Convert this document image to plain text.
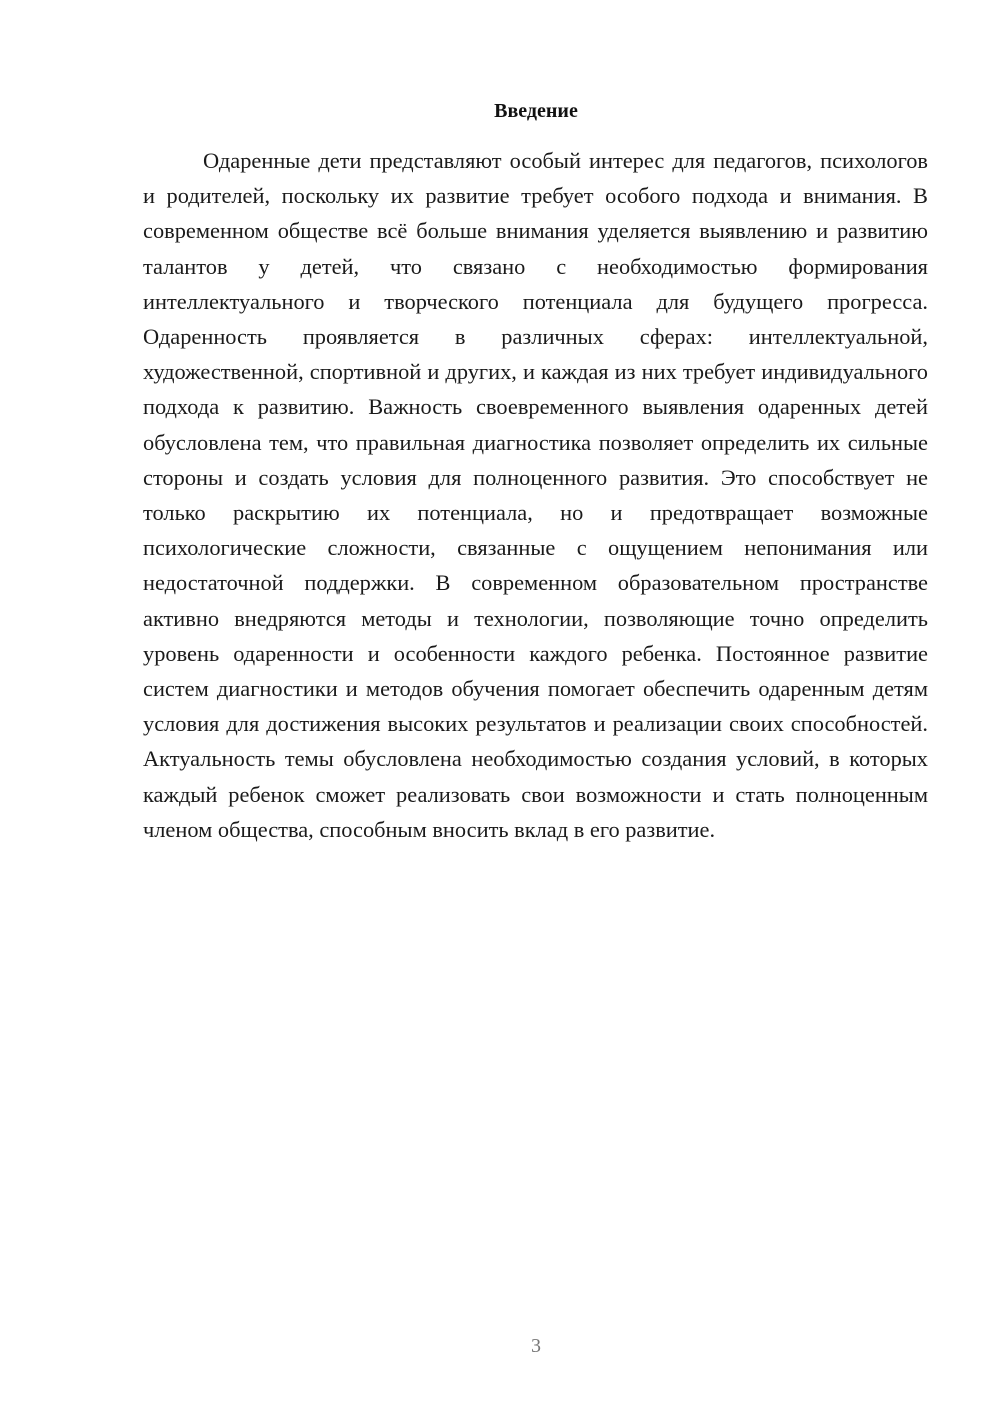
Введение

Одаренные дети представляют особый интерес для педагогов, психологов и родителей, поскольку их развитие требует особого подхода и внимания. В современном обществе всё больше внимания уделяется выявлению и развитию талантов у детей, что связано с необходимостью формирования интеллектуального и творческого потенциала для будущего прогресса. Одаренность проявляется в различных сферах: интеллектуальной, художественной, спортивной и других, и каждая из них требует индивидуального подхода к развитию. Важность своевременного выявления одаренных детей обусловлена тем, что правильная диагностика позволяет определить их сильные стороны и создать условия для полноценного развития. Это способствует не только раскрытию их потенциала, но и предотвращает возможные психологические сложности, связанные с ощущением непонимания или недостаточной поддержки. В современном образовательном пространстве активно внедряются методы и технологии, позволяющие точно определить уровень одаренности и особенности каждого ребенка. Постоянное развитие систем диагностики и методов обучения помогает обеспечить одаренным детям условия для достижения высоких результатов и реализации своих способностей. Актуальность темы обусловлена необходимостью создания условий, в которых каждый ребенок сможет реализовать свои возможности и стать полноценным членом общества, способным вносить вклад в его развитие.

3
